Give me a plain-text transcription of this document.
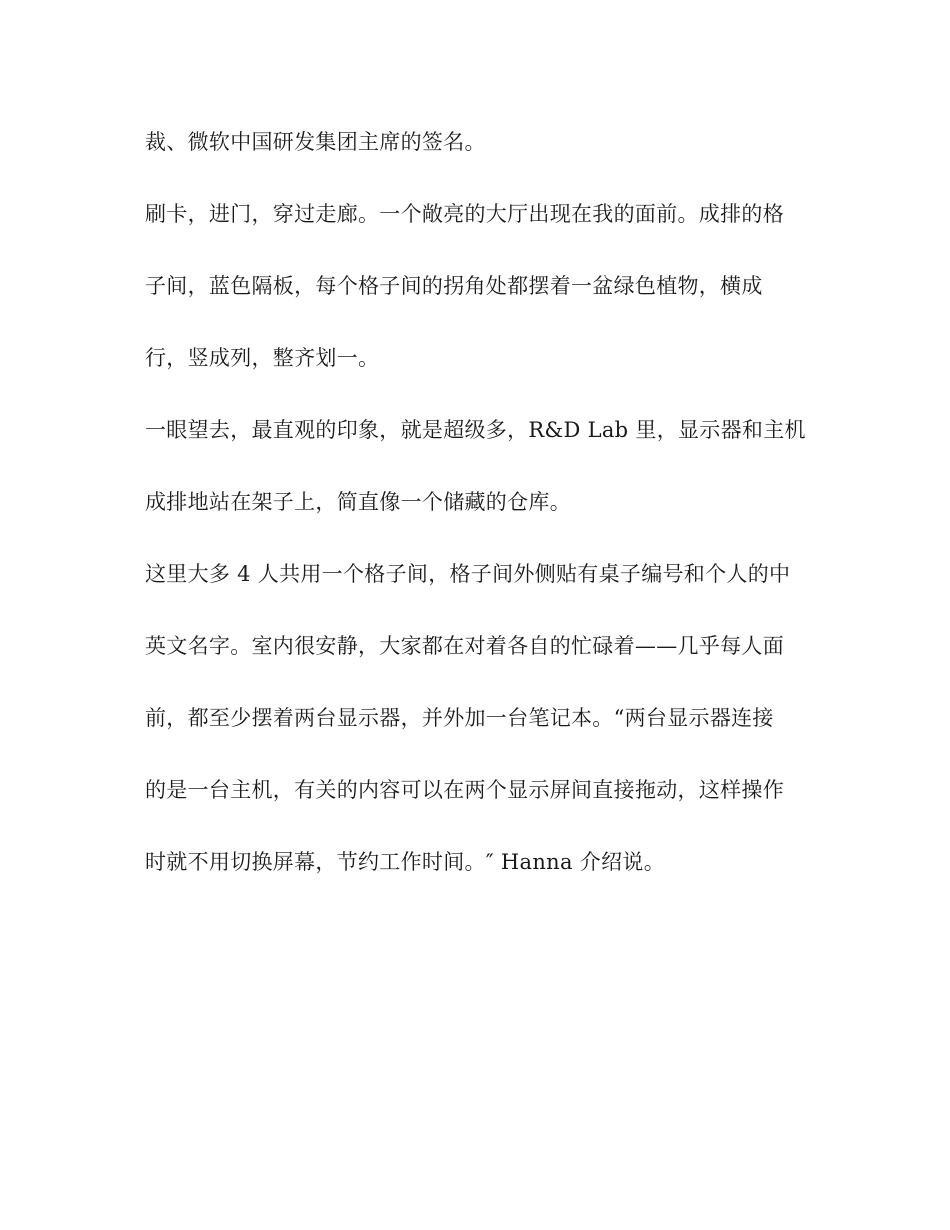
裁、微软中国研发集团主席的签名。
刷卡，进门，穿过走廊。一个敞亮的大厅出现在我的面前。成排的格
子间，蓝色隔板，每个格子间的拐角处都摆着一盆绿色植物，横成
行，竖成列，整齐划一。
一眼望去，最直观的印象，就是超级多，R&D Lab 里，显示器和主机
成排地站在架子上，简直像一个储藏的仓库。
这里大多 4 人共用一个格子间，格子间外侧贴有桌子编号和个人的中
英文名字。室内很安静，大家都在对着各自的忙碌着——几乎每人面
前，都至少摆着两台显示器，并外加一台笔记本。“两台显示器连接
的是一台主机，有关的内容可以在两个显示屏间直接拖动，这样操作
时就不用切换屏幕，节约工作时间。″ Hanna 介绍说。
